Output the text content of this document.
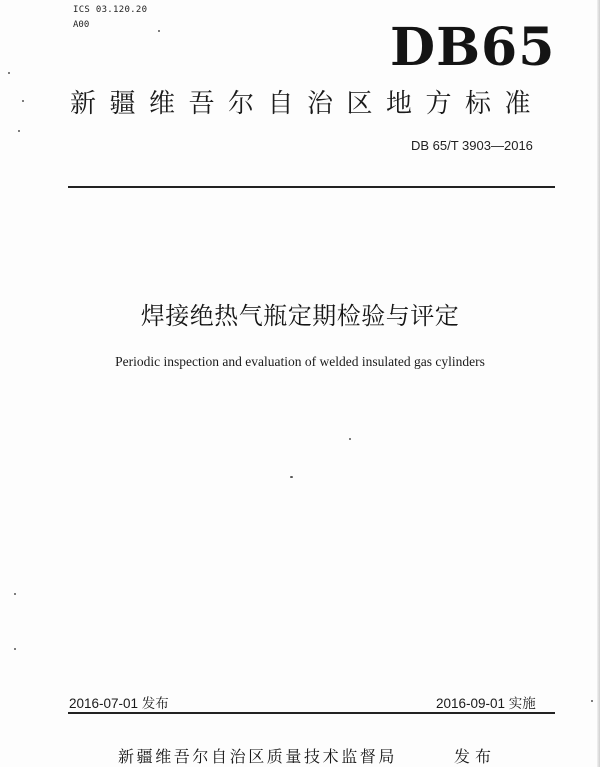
ICS 03.120.20
A00	DB65
新疆维吾尔自治区地方标准
DB 65/T 3903—2016
焊接绝热气瓶定期检验与评定
Periodic inspection and evaluation of welded insulated gas cylinders
2016-07-01 发布	2016-09-01 实施
新疆维吾尔自治区质量技术监督局	发布
